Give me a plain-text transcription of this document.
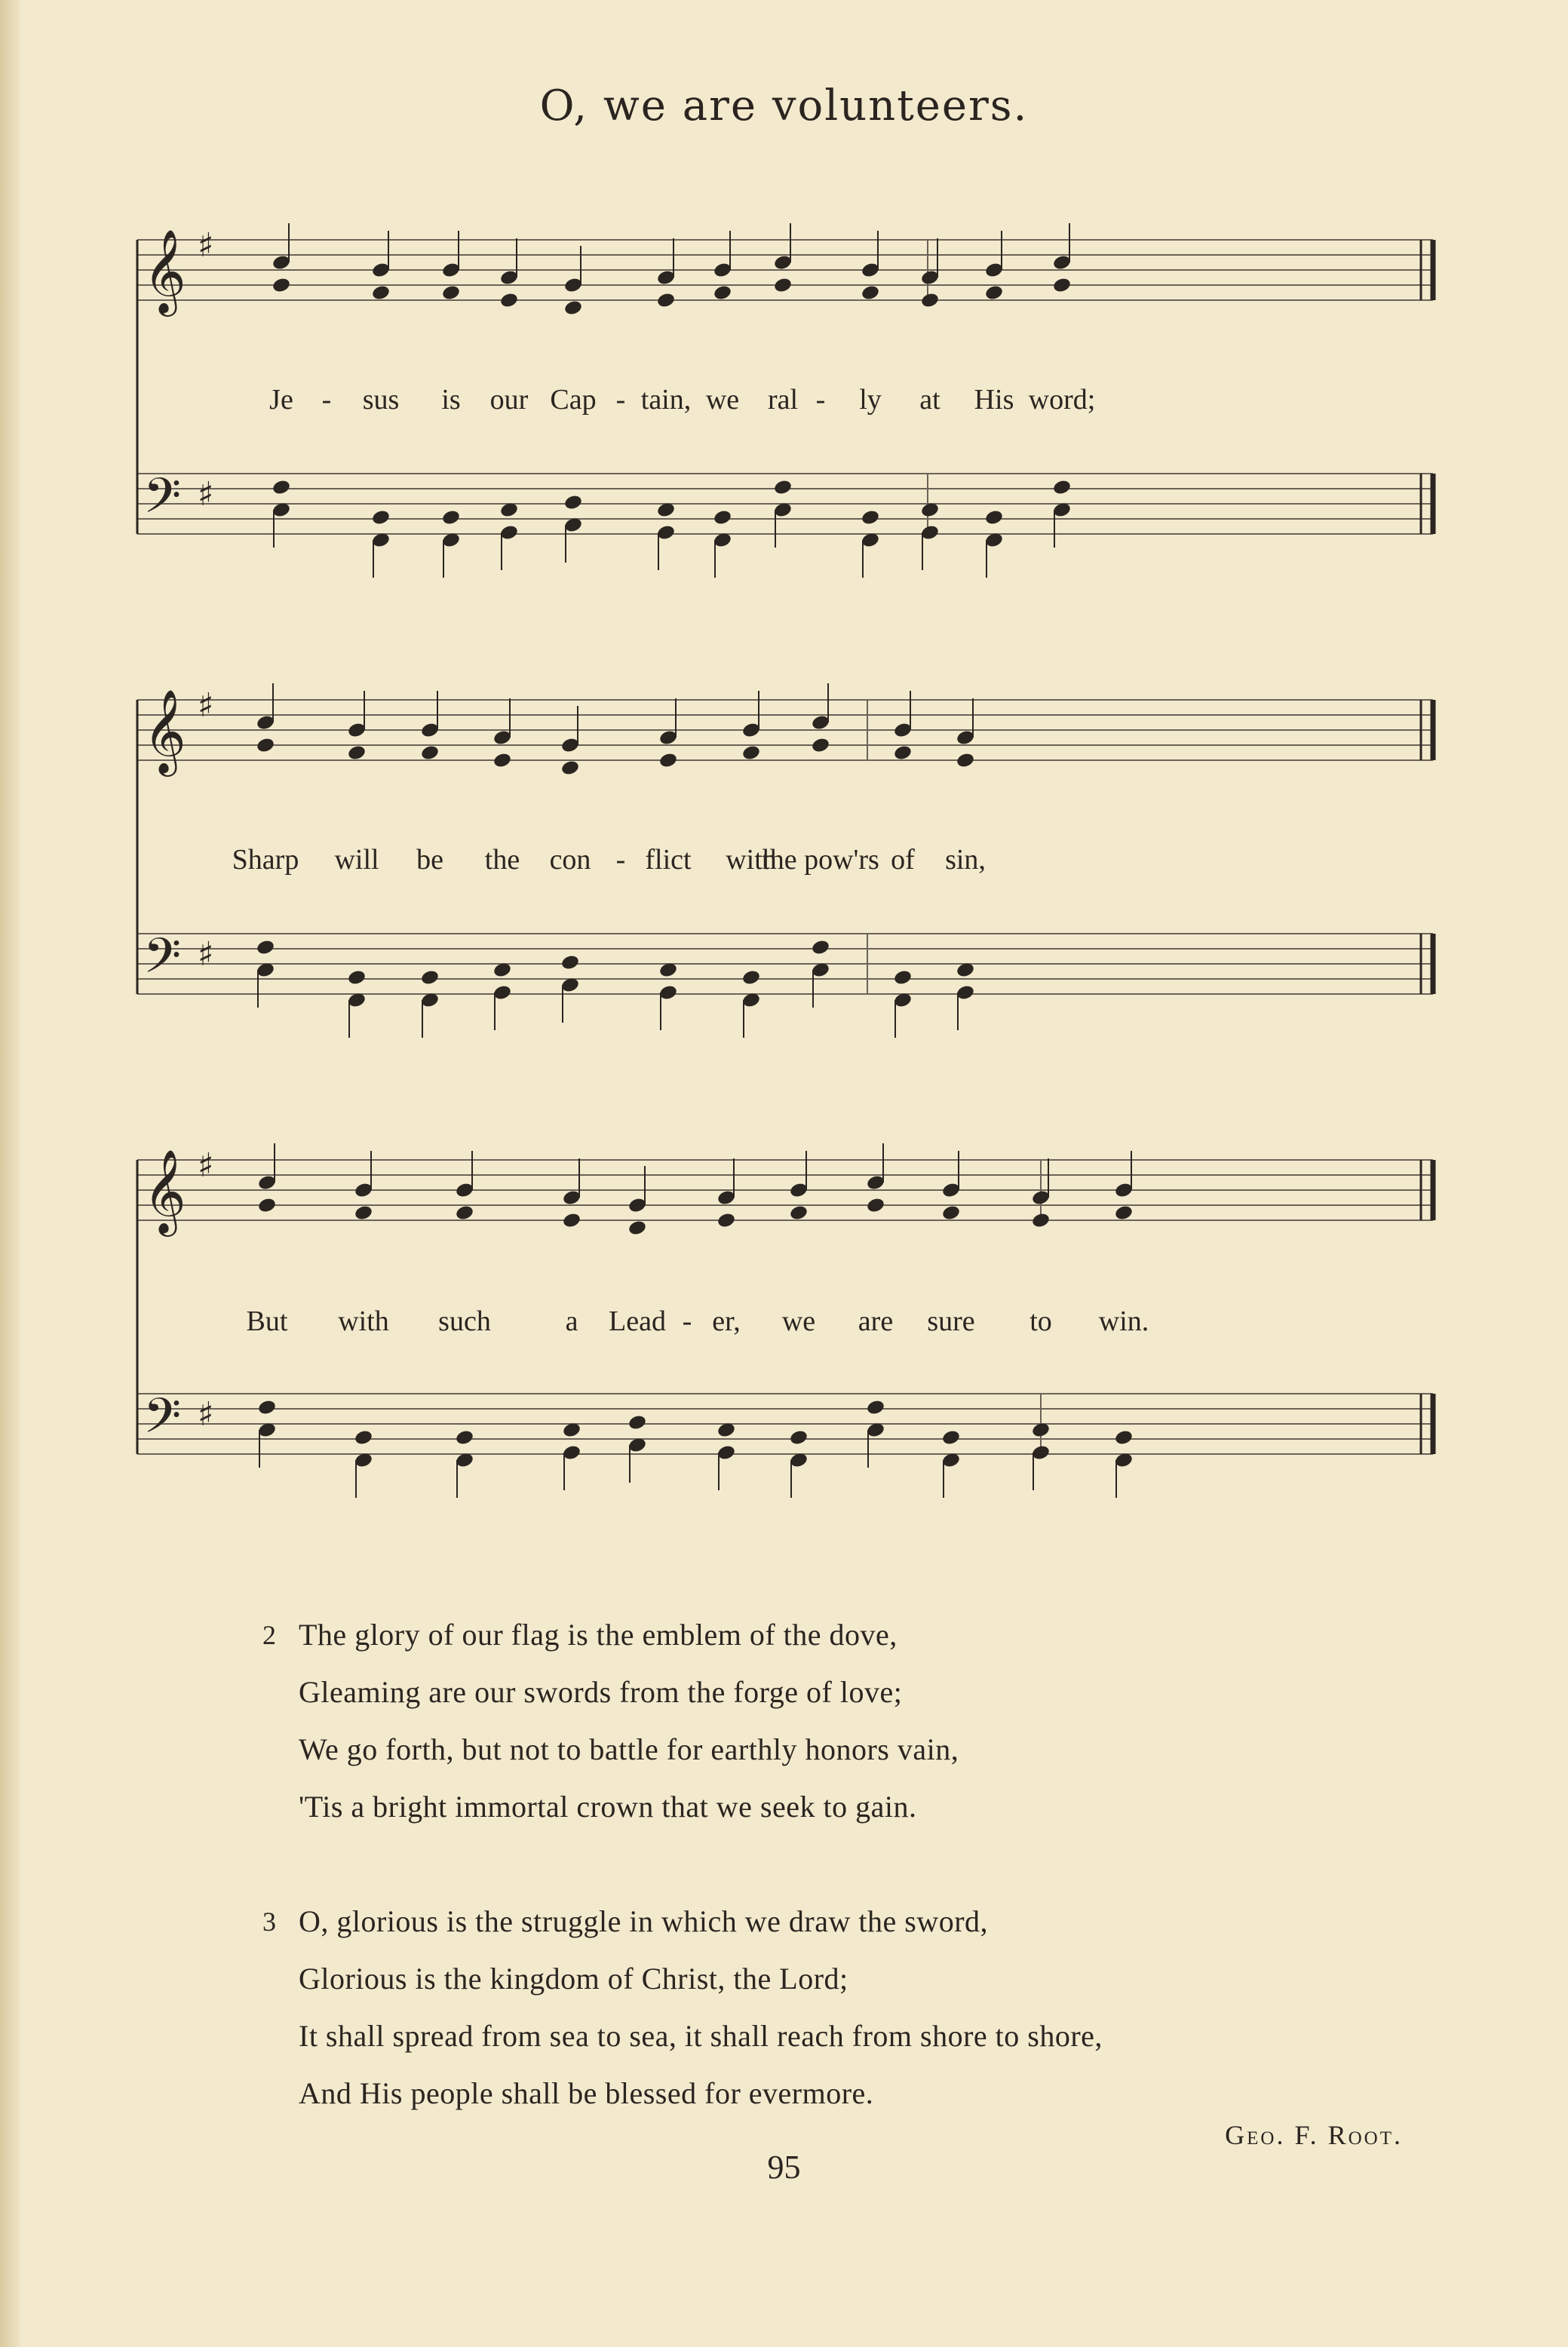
O, we are volunteers.
𝄞
𝄢
♯
♯
Je - sus is our Cap - tain, we ral - ly at His word;
𝄞
𝄢
♯
♯
Sharp will be the con - flict with
the pow'rs of sin,
𝄞
𝄢
♯
♯
But with such	a Lead - er, we are sure to win.
2 The glory of our flag is the emblem of the dove,
Gleaming are our swords from the forge of love;
We go forth, but not to battle for earthly honors vain,
'Tis a bright immortal crown that we seek to gain.
3 O, glorious is the struggle in which we draw the sword,
Glorious is the kingdom of Christ, the Lord;
It shall spread from sea to sea, it shall reach from shore to shore,
And His people shall be blessed for evermore.
Geo. F. Root.
95
